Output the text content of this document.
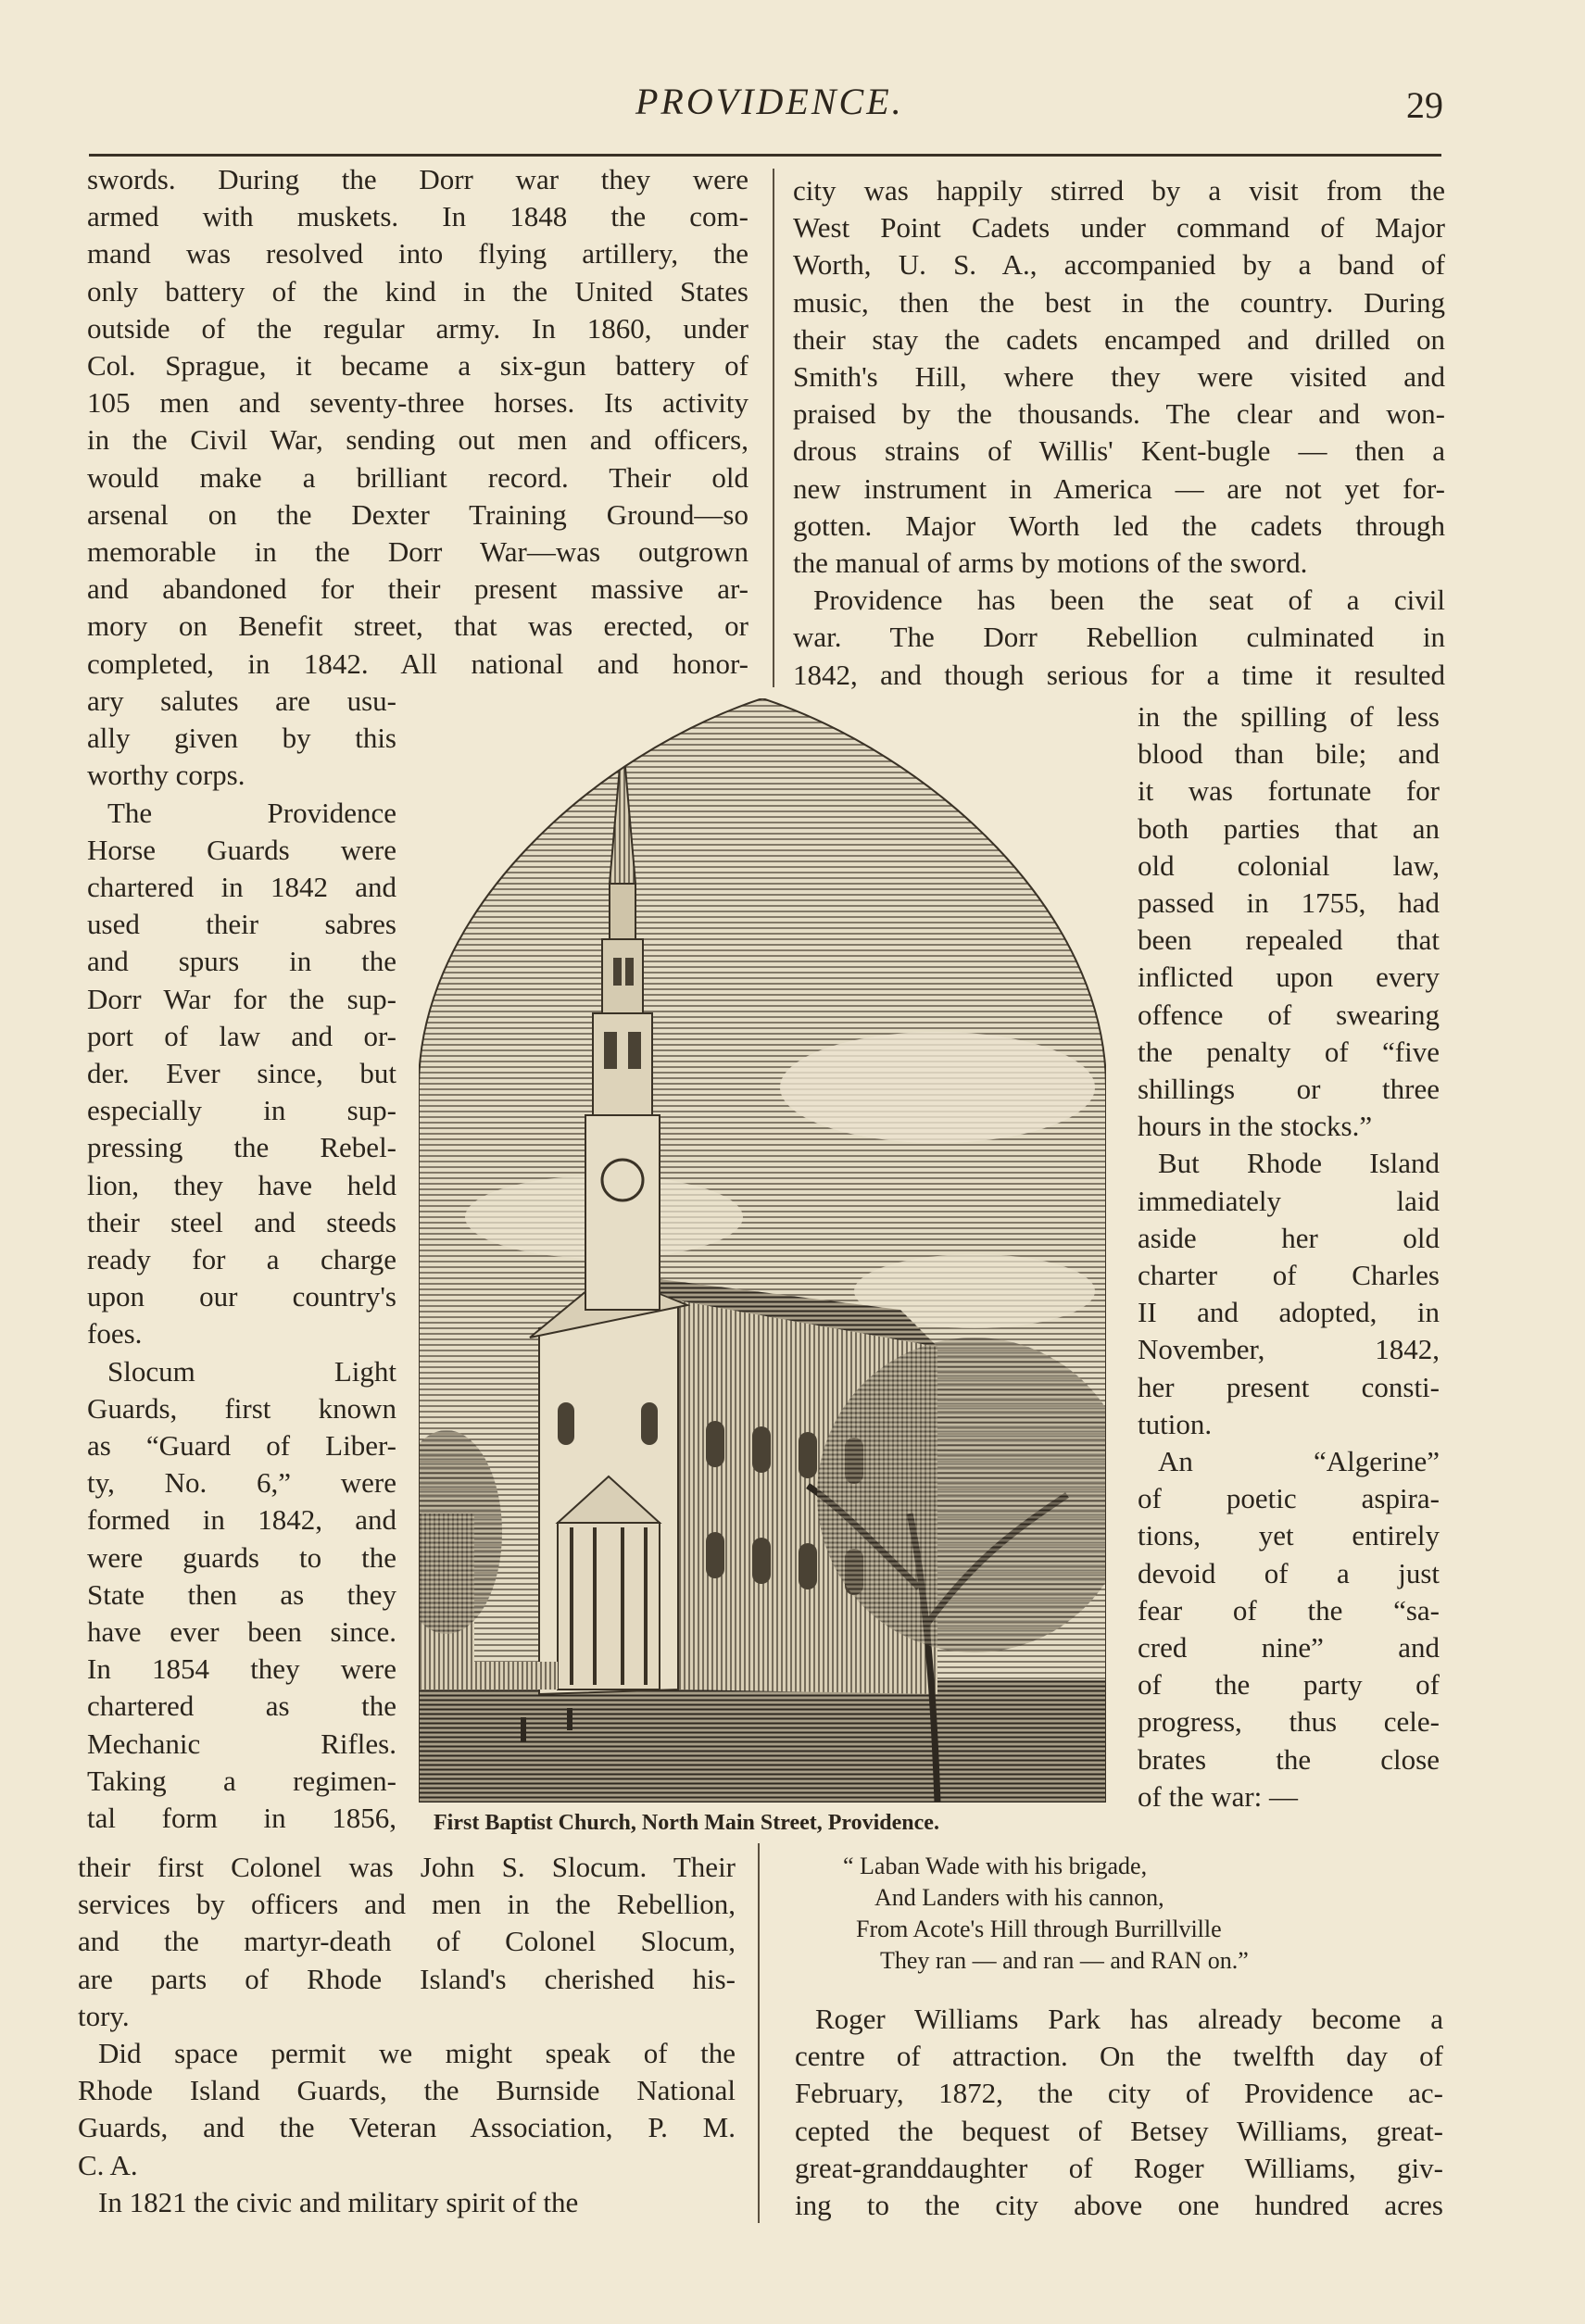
PROVIDENCE.	29
swords. During the Dorr war they were
armed with muskets. In 1848 the com-
mand was resolved into flying artillery, the
only battery of the kind in the United States
outside of the regular army. In 1860, under
Col. Sprague, it became a six-gun battery of
105 men and seventy-three horses. Its activity
in the Civil War, sending out men and officers,
would make a brilliant record. Their old
arsenal on the Dexter Training Ground—so
memorable in the Dorr War—was outgrown
and abandoned for their present massive ar-
mory on Benefit street, that was erected, or
completed, in 1842. All national and honor-
ary salutes are usu-
ally given by this
worthy corps.
The Providence
Horse Guards were
chartered in 1842 and
used their sabres
and spurs in the
Dorr War for the sup-
port of law and or-
der. Ever since, but
especially in sup-
pressing the Rebel-
lion, they have held
their steel and steeds
ready for a charge
upon our country's
foes.
Slocum Light
Guards, first known
as “Guard of Liber-
ty, No. 6,” were
formed in 1842, and
were guards to the
State then as they
have ever been since.
In 1854 they were
chartered as the
Mechanic Rifles.
Taking a regimen-
tal form in 1856,
their first Colonel was John S. Slocum. Their
services by officers and men in the Rebellion,
and the martyr-death of Colonel Slocum,
are parts of Rhode Island's cherished his-
tory.
Did space permit we might speak of the
Rhode Island Guards, the Burnside National
Guards, and the Veteran Association, P. M.
C. A.
In 1821 the civic and military spirit of the
city was happily stirred by a visit from the
West Point Cadets under command of Major
Worth, U. S. A., accompanied by a band of
music, then the best in the country. During
their stay the cadets encamped and drilled on
Smith's Hill, where they were visited and
praised by the thousands. The clear and won-
drous strains of Willis' Kent-bugle — then a
new instrument in America — are not yet for-
gotten. Major Worth led the cadets through
the manual of arms by motions of the sword.
Providence has been the seat of a civil
war. The Dorr Rebellion culminated in
1842, and though serious for a time it resulted
in the spilling of less
blood than bile; and
it was fortunate for
both parties that an
old colonial law,
passed in 1755, had
been repealed that
inflicted upon every
offence of swearing
the penalty of “five
shillings or three
hours in the stocks.”
But Rhode Island
immediately laid
aside her old
charter of Charles
II and adopted, in
November, 1842,
her present consti-
tution.
An “Algerine”
of poetic aspira-
tions, yet entirely
devoid of a just
fear of the “sa-
cred nine” and
of the party of
progress, thus cele-
brates the close
of the war: —
“ Laban Wade with his brigade,
And Landers with his cannon,
From Acote's Hill through Burrillville
They ran — and ran — and RAN on.”
Roger Williams Park has already become a
centre of attraction. On the twelfth day of
February, 1872, the city of Providence ac-
cepted the bequest of Betsey Williams, great-
great-granddaughter of Roger Williams, giv-
ing to the city above one hundred acres
First Baptist Church, North Main Street, Providence.
